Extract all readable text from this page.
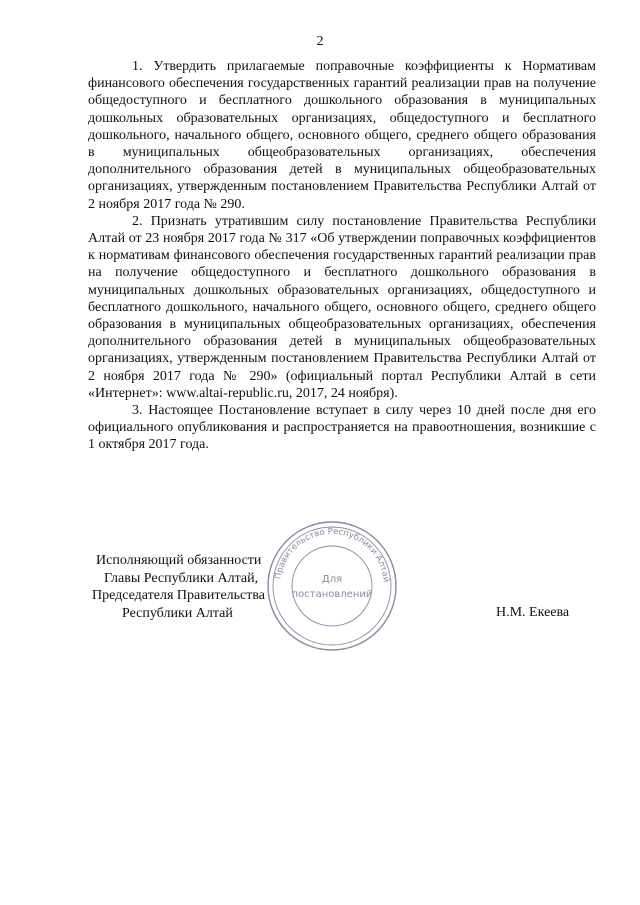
2

1. Утвердить прилагаемые поправочные коэффициенты к Нормативам финансового обеспечения государственных гарантий реализации прав на получение общедоступного и бесплатного дошкольного образования в муниципальных дошкольных образовательных организациях, общедоступного и бесплатного дошкольного, начального общего, основного общего, среднего общего образования в муниципальных общеобразовательных организациях, обеспечения дополнительного образования детей в муниципальных общеобразовательных организациях, утвержденным постановлением Правительства Республики Алтай от 2 ноября 2017 года № 290.

2. Признать утратившим силу постановление Правительства Республики Алтай от 23 ноября 2017 года № 317 «Об утверждении поправочных коэффициентов к нормативам финансового обеспечения государственных гарантий реализации прав на получение общедоступного и бесплатного дошкольного образования в муниципальных дошкольных образовательных организациях, общедоступного и бесплатного дошкольного, начального общего, основного общего, среднего общего образования в муниципальных общеобразовательных организациях, обеспечения дополнительного образования детей в муниципальных общеобразовательных организациях, утвержденным постановлением Правительства Республики Алтай от 2 ноября 2017 года № 290» (официальный портал Республики Алтай в сети «Интернет»: www.altai-republic.ru, 2017, 24 ноября).

3. Настоящее Постановление вступает в силу через 10 дней после дня его официального опубликования и распространяется на правоотношения, возникшие с 1 октября 2017 года.

Исполняющий обязанности
Главы Республики Алтай,
Председателя Правительства
Республики Алтай	Н.М. Екеева
Правительство Республики Алтай
Для
постановлений
